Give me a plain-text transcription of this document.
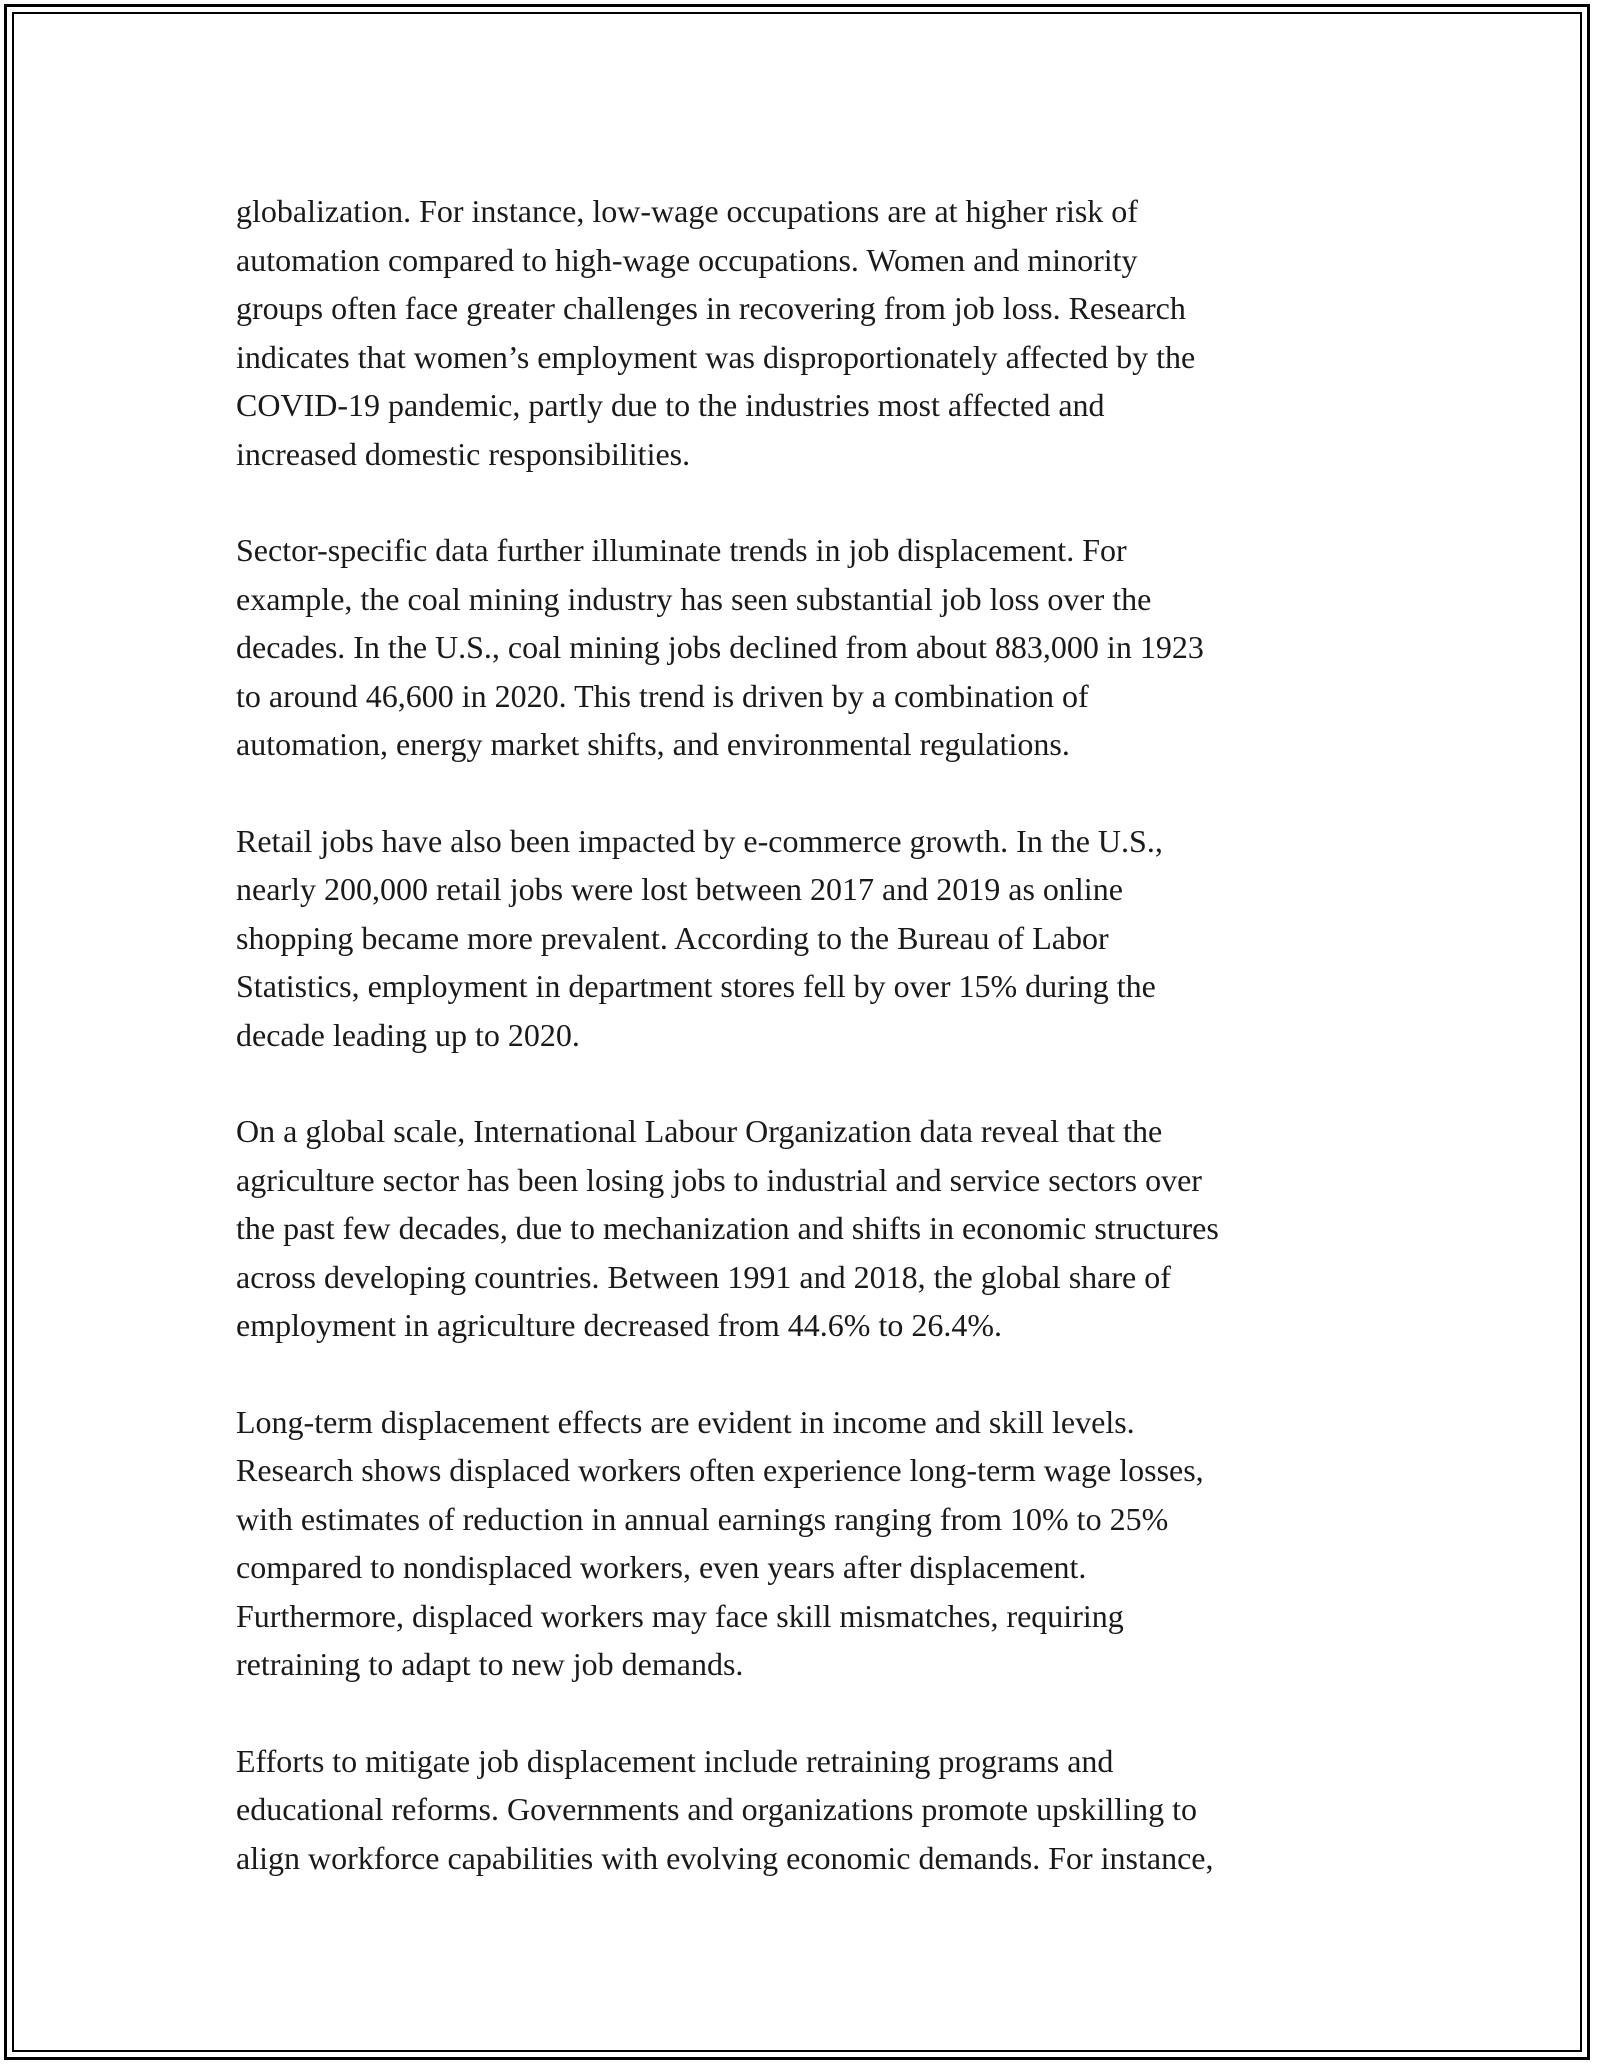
globalization. For instance, low-wage occupations are at higher risk of
automation compared to high-wage occupations. Women and minority
groups often face greater challenges in recovering from job loss. Research
indicates that women’s employment was disproportionately affected by the
COVID-19 pandemic, partly due to the industries most affected and
increased domestic responsibilities.

Sector-specific data further illuminate trends in job displacement. For
example, the coal mining industry has seen substantial job loss over the
decades. In the U.S., coal mining jobs declined from about 883,000 in 1923
to around 46,600 in 2020. This trend is driven by a combination of
automation, energy market shifts, and environmental regulations.

Retail jobs have also been impacted by e-commerce growth. In the U.S.,
nearly 200,000 retail jobs were lost between 2017 and 2019 as online
shopping became more prevalent. According to the Bureau of Labor
Statistics, employment in department stores fell by over 15% during the
decade leading up to 2020.

On a global scale, International Labour Organization data reveal that the
agriculture sector has been losing jobs to industrial and service sectors over
the past few decades, due to mechanization and shifts in economic structures
across developing countries. Between 1991 and 2018, the global share of
employment in agriculture decreased from 44.6% to 26.4%.

Long-term displacement effects are evident in income and skill levels.
Research shows displaced workers often experience long-term wage losses,
with estimates of reduction in annual earnings ranging from 10% to 25%
compared to nondisplaced workers, even years after displacement.
Furthermore, displaced workers may face skill mismatches, requiring
retraining to adapt to new job demands.

Efforts to mitigate job displacement include retraining programs and
educational reforms. Governments and organizations promote upskilling to
align workforce capabilities with evolving economic demands. For instance,
